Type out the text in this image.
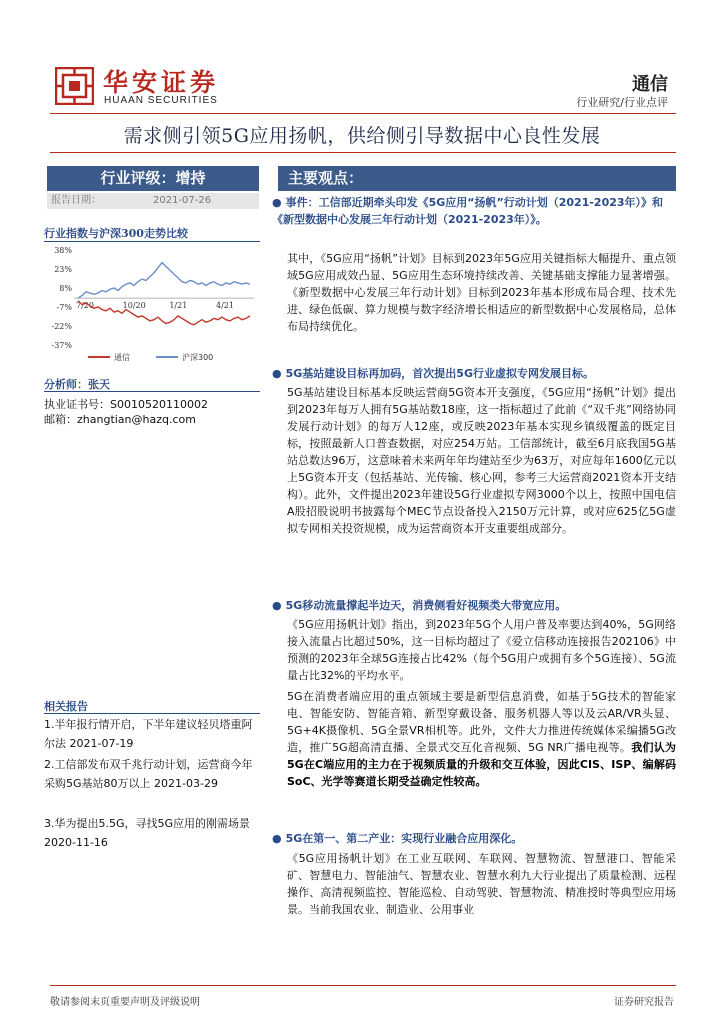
华安证券
HUAAN SECURITIES
通信
行业研究/行业点评
需求侧引领5G应用扬帆，供给侧引导数据中心良性发展
行业评级：增持
报告日期：	2021-07-26
行业指数与沪深300走势比较
38%
23%
8%
-7%
-22%
-37%
7/20	10/20	1/21	4/21
通信	沪深300
分析师：张天
执业证书号：S0010520110002
邮箱：zhangtian@hazq.com
相关报告
1.半年报行情开启，下半年建议轻贝塔重阿尔法 2021-07-19
2.工信部发布双千兆行动计划，运营商今年采购5G基站80万以上 2021-03-29
3.华为提出5.5G，寻找5G应用的刚需场景 2020-11-16
主要观点：
● 事件：工信部近期牵头印发《5G应用“扬帆”行动计划（2021-2023年）》和《新型数据中心发展三年行动计划（2021-2023年）》。
其中，《5G应用“扬帆”计划》目标到2023年5G应用关键指标大幅提升、重点领域5G应用成效凸显、5G应用生态环境持续改善、关键基础支撑能力显著增强。《新型数据中心发展三年行动计划》目标到2023年基本形成布局合理、技术先进、绿色低碳、算力规模与数字经济增长相适应的新型数据中心发展格局，总体布局持续优化。
● 5G基站建设目标再加码，首次提出5G行业虚拟专网发展目标。
5G基站建设目标基本反映运营商5G资本开支强度，《5G应用“扬帆”计划》提出到2023年每万人拥有5G基站数18座，这一指标超过了此前《“双千兆”网络协同发展行动计划》的每万人12座，或反映2023年基本实现乡镇级覆盖的既定目标，按照最新人口普查数据，对应254万站。工信部统计，截至6月底我国5G基站总数达96万，这意味着未来两年年均建站至少为63万，对应每年1600亿元以上5G资本开支（包括基站、光传输、核心网，参考三大运营商2021资本开支结构）。此外，文件提出2023年建设5G行业虚拟专网3000个以上，按照中国电信A股招股说明书披露每个MEC节点设备投入2150万元计算，或对应625亿5G虚拟专网相关投资规模，成为运营商资本开支重要组成部分。
● 5G移动流量撑起半边天，消费侧看好视频类大带宽应用。
《5G应用扬帆计划》指出，到2023年5G个人用户普及率要达到40%，5G网络接入流量占比超过50%，这一目标均超过了《爱立信移动连接报告202106》中预测的2023年全球5G连接占比42%（每个5G用户或拥有多个5G连接）、5G流量占比32%的平均水平。
5G在消费者端应用的重点领域主要是新型信息消费，如基于5G技术的智能家电、智能安防、智能音箱、新型穿戴设备、服务机器人等以及云AR/VR头显、5G+4K摄像机、5G全景VR相机等。此外，文件大力推进传统媒体采编播5G改造，推广5G超高清直播、全景式交互化音视频、5G NR广播电视等。我们认为5G在C端应用的主力在于视频质量的升级和交互体验，因此CIS、ISP、编解码SoC、光学等赛道长期受益确定性较高。
● 5G在第一、第二产业：实现行业融合应用深化。
《5G应用扬帆计划》在工业互联网、车联网、智慧物流、智慧港口、智能采矿、智慧电力、智能油气、智慧农业、智慧水利九大行业提出了质量检测、远程操作、高清视频监控、智能巡检、自动驾驶、智慧物流、精准授时等典型应用场景。当前我国农业、制造业、公用事业
敬请参阅末页重要声明及评级说明	证券研究报告
